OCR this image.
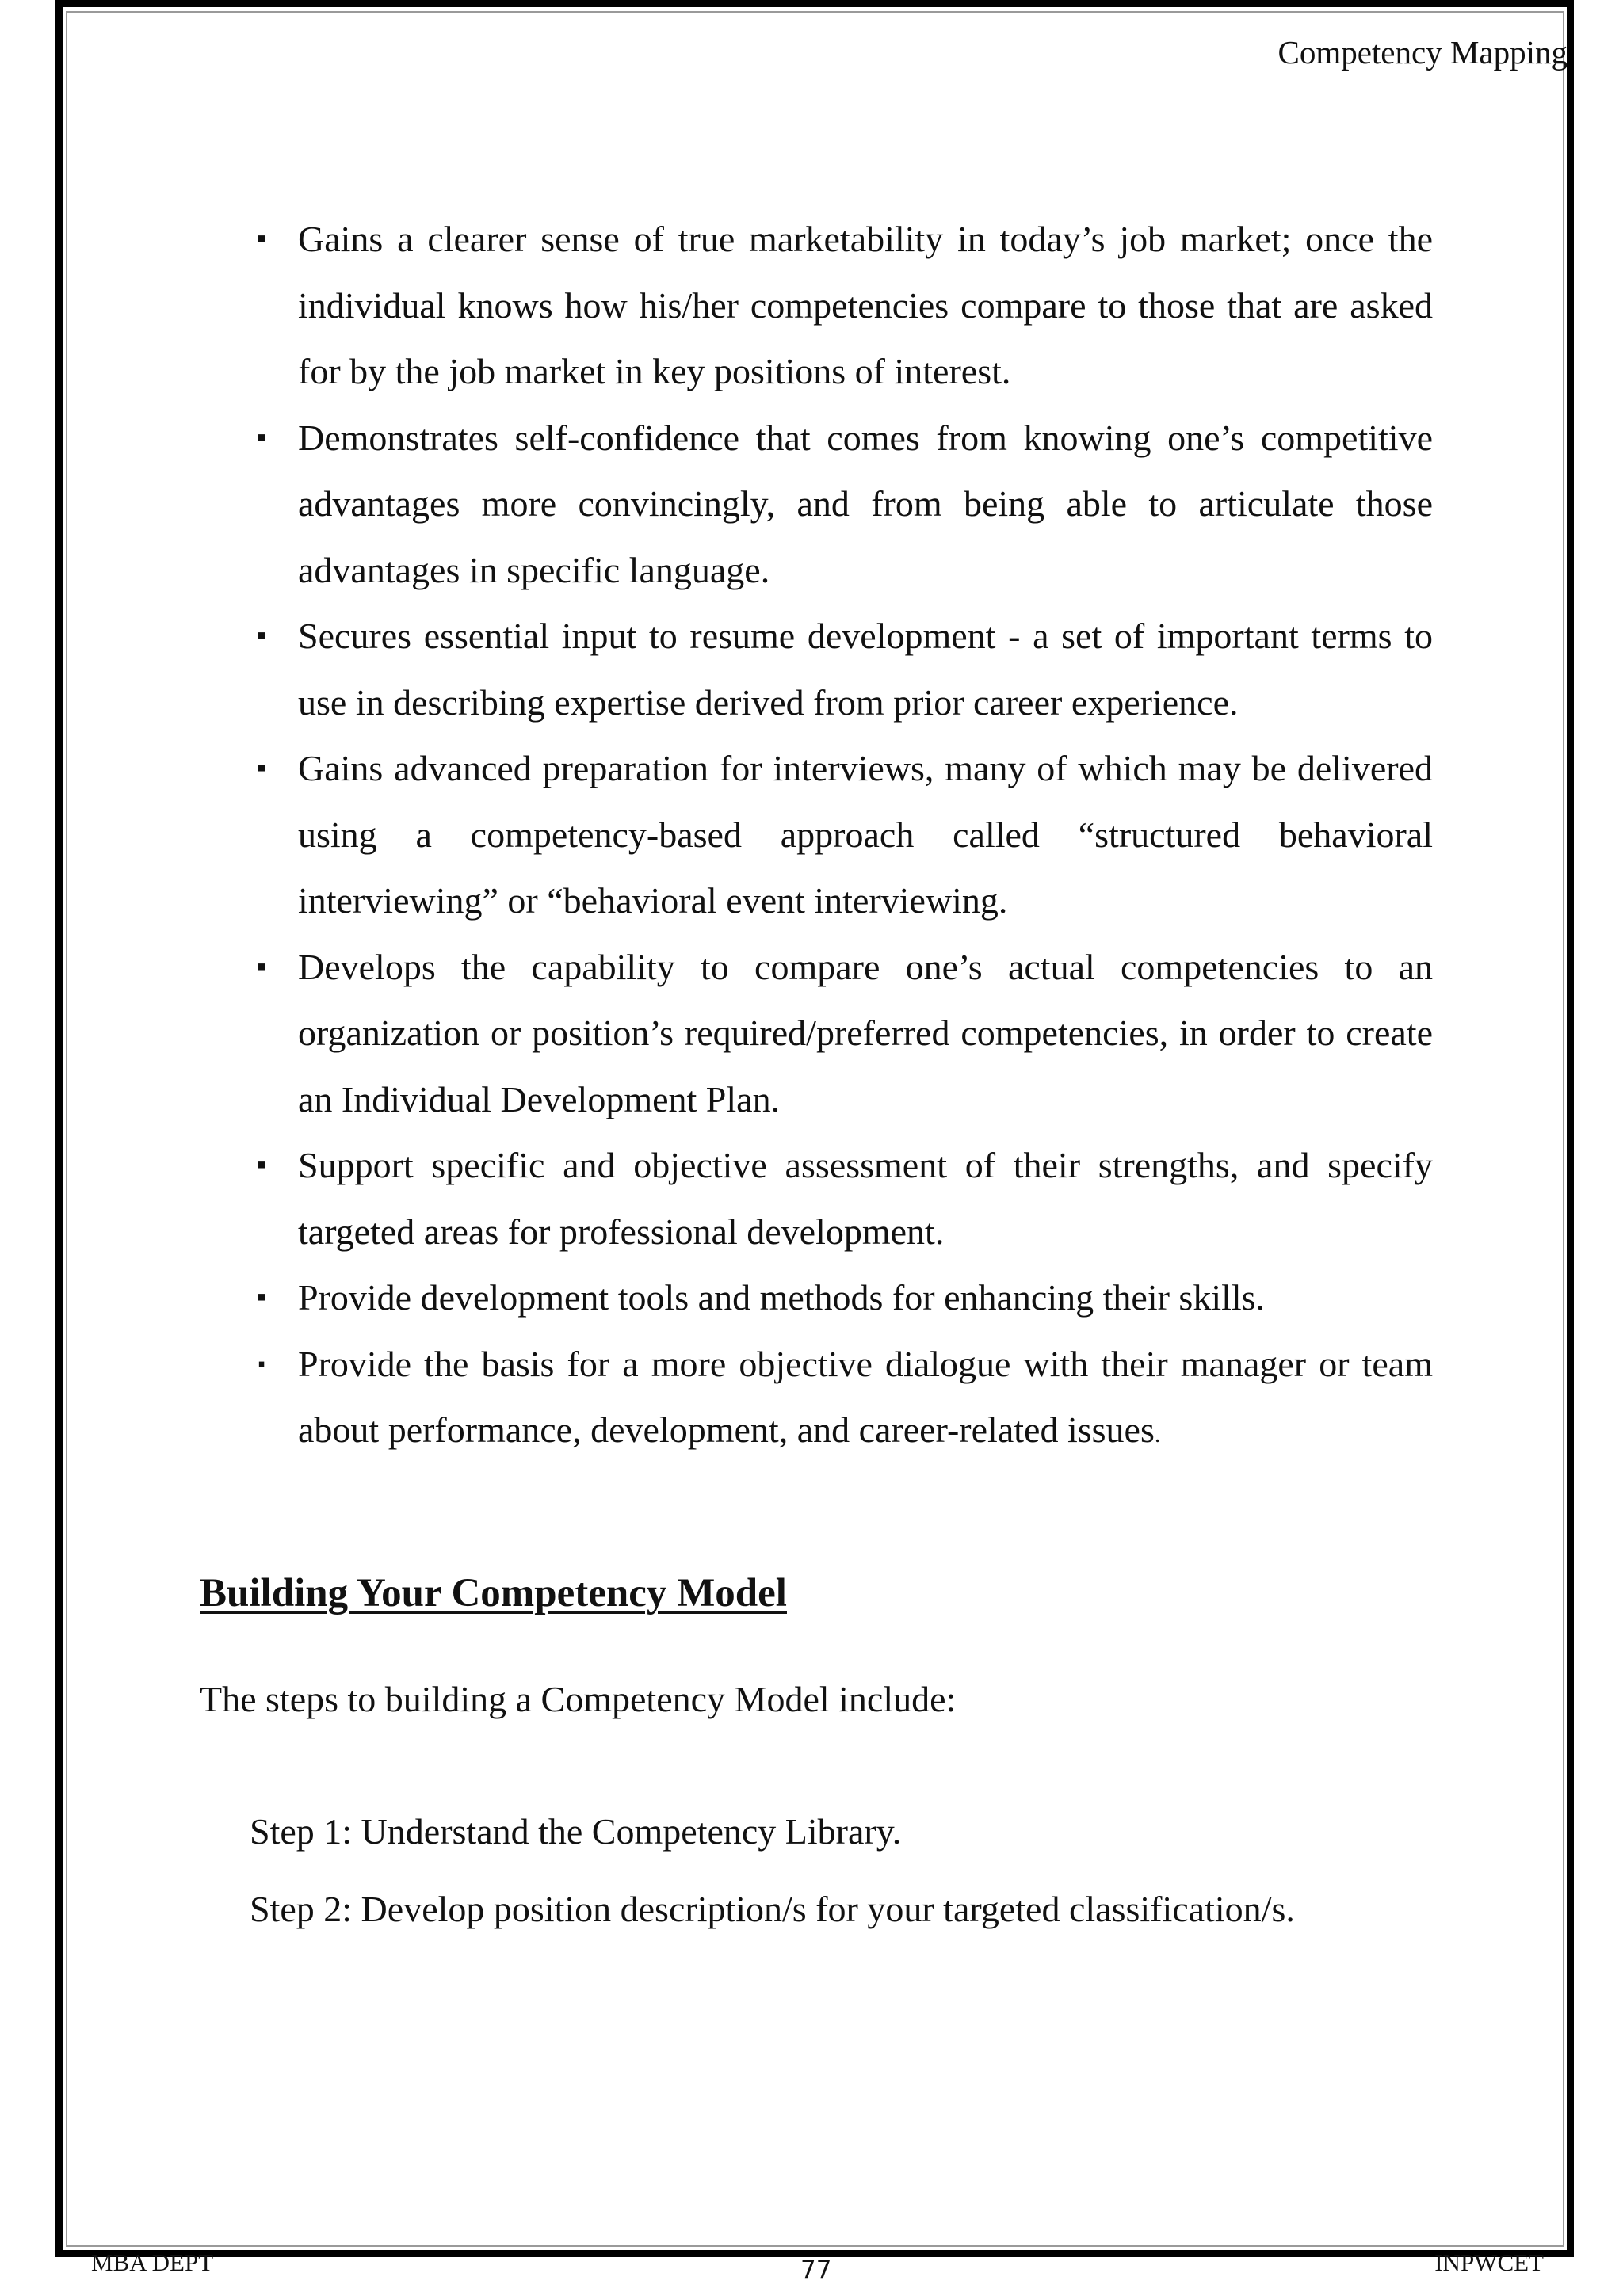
Competency Mapping
▪ Gains a clearer sense of true marketability in today’s job market; once the individual knows how his/her competencies compare to those that are asked for by the job market in key positions of interest.
▪ Demonstrates self-confidence that comes from knowing one’s competitive advantages more convincingly, and from being able to articulate those advantages in specific language.
▪ Secures essential input to resume development - a set of important terms to use in describing expertise derived from prior career experience.
▪ Gains advanced preparation for interviews, many of which may be delivered using a competency-based approach called “structured behavioral interviewing” or “behavioral event interviewing.
▪ Develops the capability to compare one’s actual competencies to an organization or position’s required/preferred competencies, in order to create an Individual Development Plan.
▪ Support specific and objective assessment of their strengths, and specify targeted areas for professional development.
▪ Provide development tools and methods for enhancing their skills.
▪ Provide the basis for a more objective dialogue with their manager or team about performance, development, and career-related issues.
Building Your Competency Model

The steps to building a Competency Model include:

Step 1: Understand the Competency Library.

Step 2: Develop position description/s for your targeted classification/s.

MBA DEPT	77	INPWCET
